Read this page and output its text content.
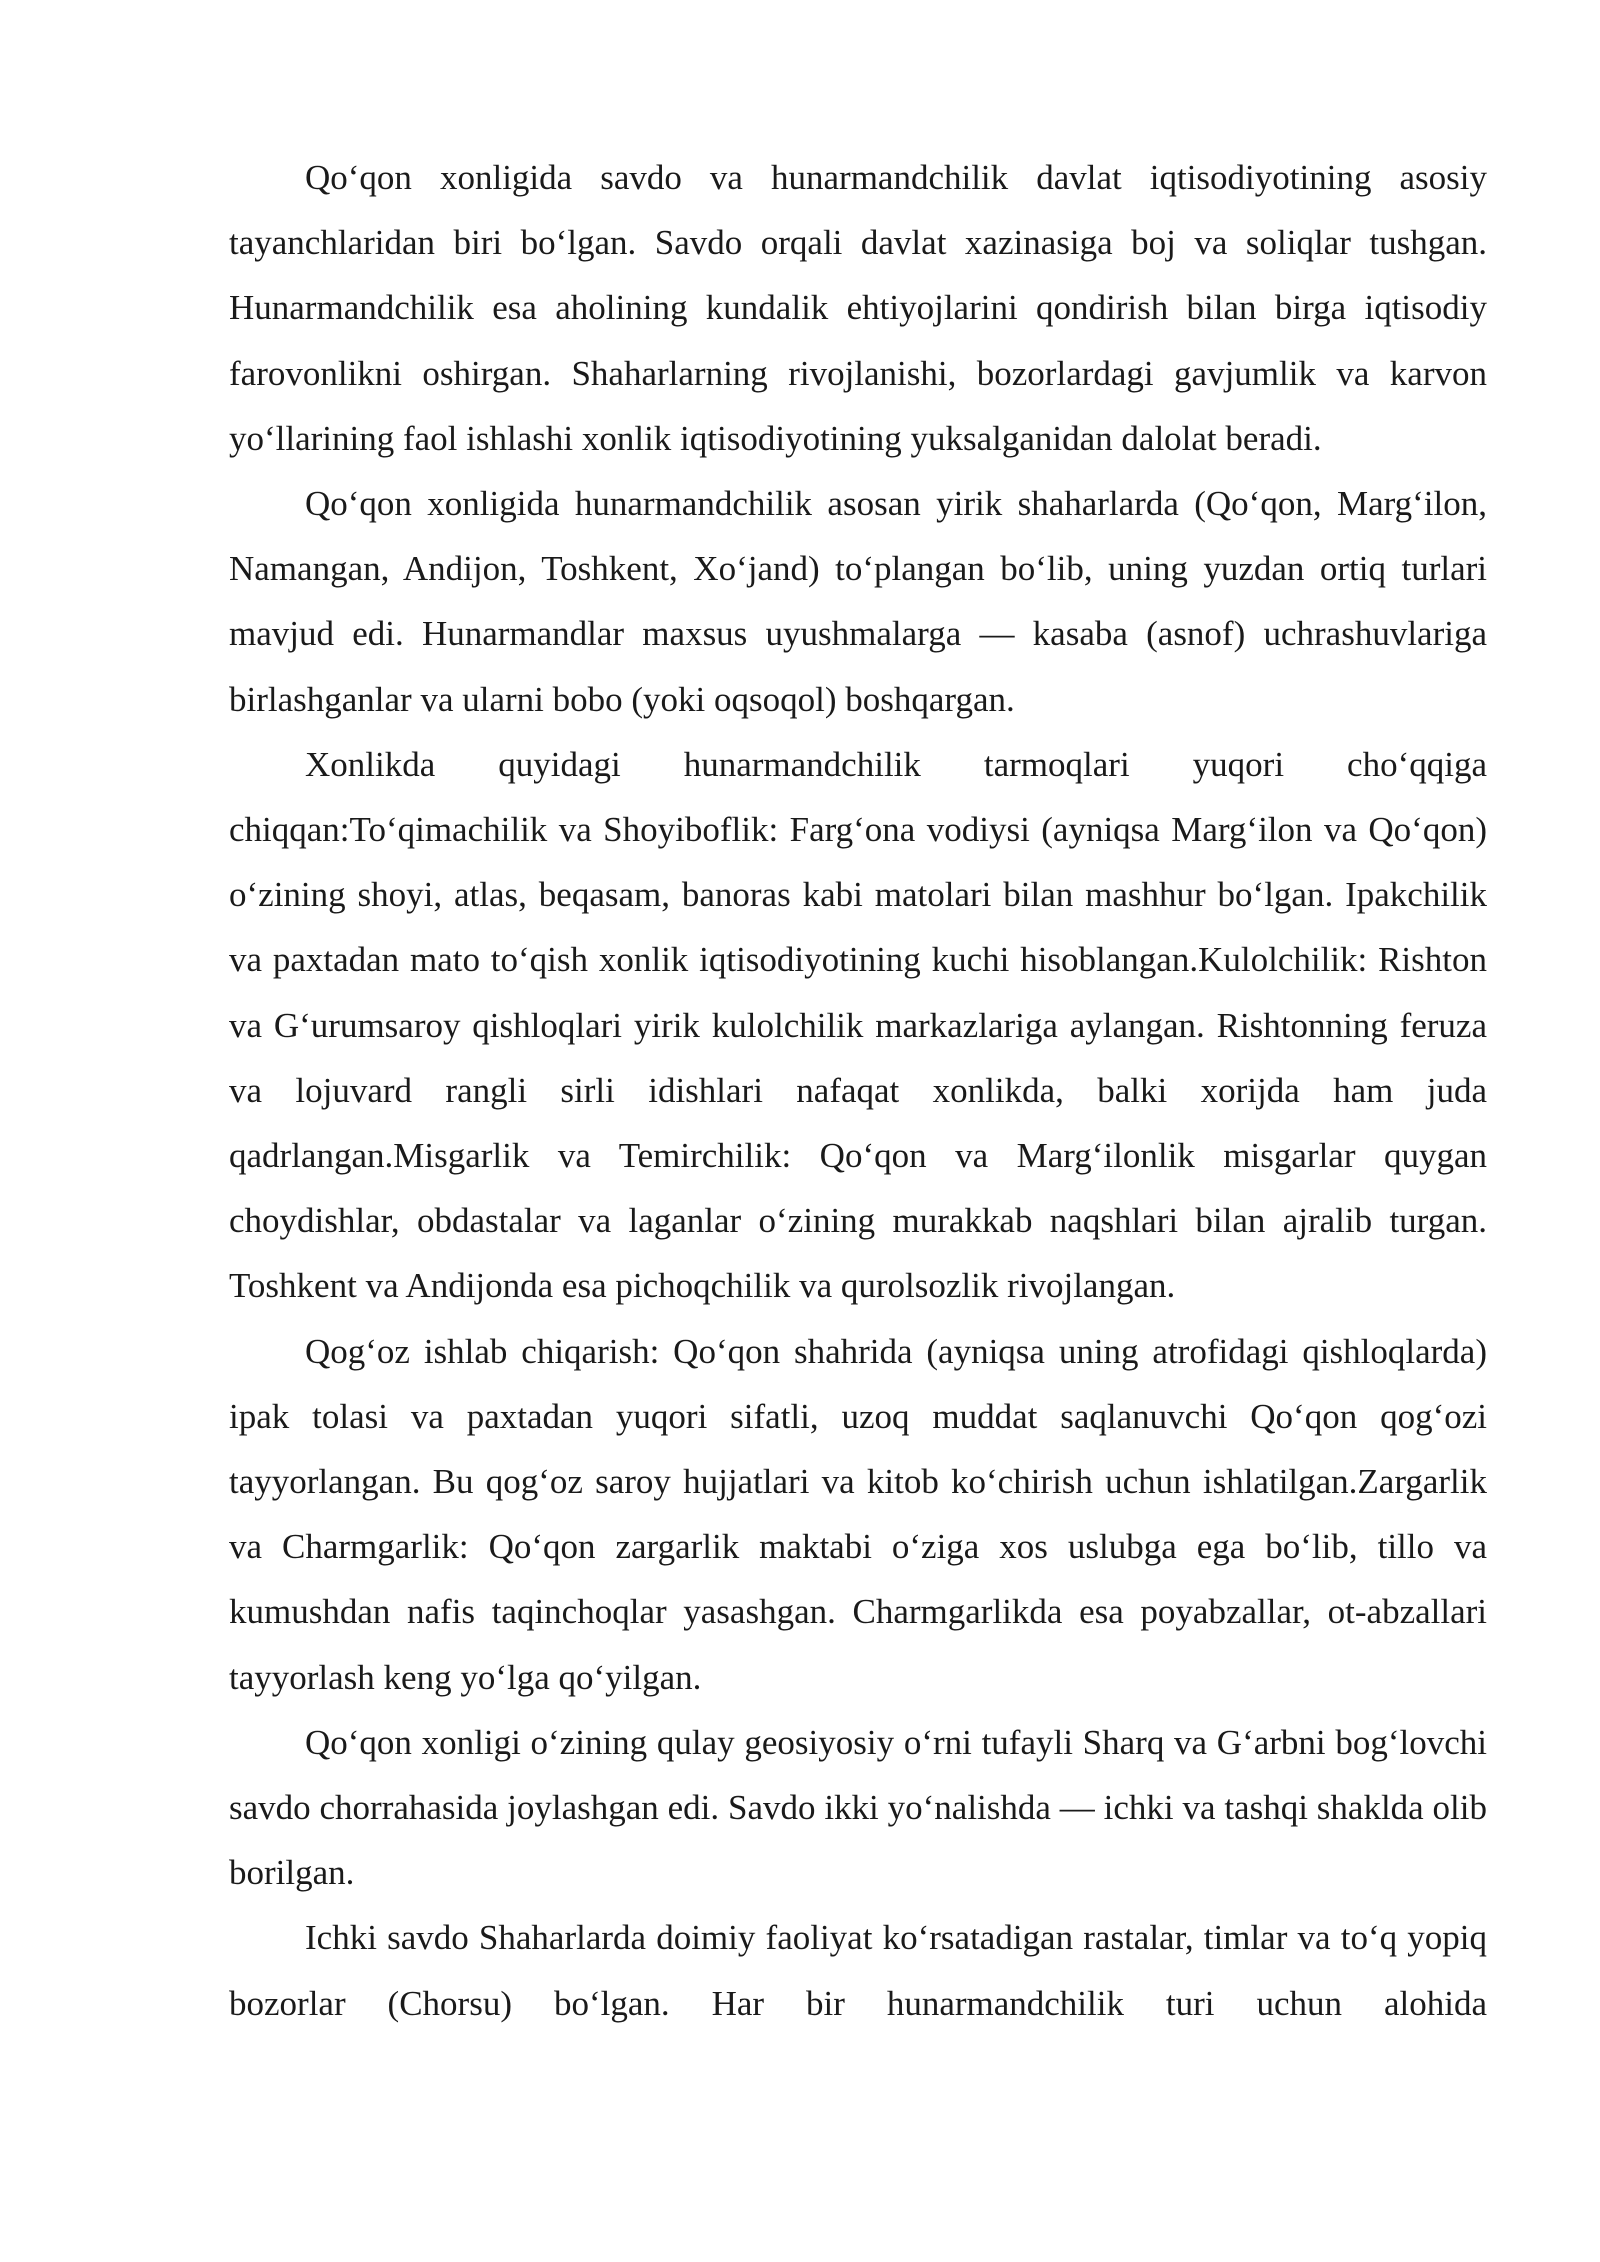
Qo‘qon xonligida savdo va hunarmandchilik davlat iqtisodiyotining asosiy tayanchlaridan biri bo‘lgan. Savdo orqali davlat xazinasiga boj va soliqlar tushgan. Hunarmandchilik esa aholining kundalik ehtiyojlarini qondirish bilan birga iqtisodiy farovonlikni oshirgan. Shaharlarning rivojlanishi, bozorlardagi gavjumlik va karvon yo‘llarining faol ishlashi xonlik iqtisodiyotining yuksalganidan dalolat beradi.

Qo‘qon xonligida hunarmandchilik asosan yirik shaharlarda (Qo‘qon, Marg‘ilon, Namangan, Andijon, Toshkent, Xo‘jand) to‘plangan bo‘lib, uning yuzdan ortiq turlari mavjud edi. Hunarmandlar maxsus uyushmalarga — kasaba (asnof) uchrashuvlariga birlashganlar va ularni bobo (yoki oqsoqol) boshqargan.

Xonlikda quyidagi hunarmandchilik tarmoqlari yuqori cho‘qqiga chiqqan:To‘qimachilik va Shoyiboflik: Farg‘ona vodiysi (ayniqsa Marg‘ilon va Qo‘qon) o‘zining shoyi, atlas, beqasam, banoras kabi matolari bilan mashhur bo‘lgan. Ipakchilik va paxtadan mato to‘qish xonlik iqtisodiyotining kuchi hisoblangan.Kulolchilik: Rishton va G‘urumsaroy qishloqlari yirik kulolchilik markazlariga aylangan. Rishtonning feruza va lojuvard rangli sirli idishlari nafaqat xonlikda, balki xorijda ham juda qadrlangan.Misgarlik va Temirchilik: Qo‘qon va Marg‘ilonlik misgarlar quygan choydishlar, obdastalar va laganlar o‘zining murakkab naqshlari bilan ajralib turgan. Toshkent va Andijonda esa pichoqchilik va qurolsozlik rivojlangan.

Qog‘oz ishlab chiqarish: Qo‘qon shahrida (ayniqsa uning atrofidagi qishloqlarda) ipak tolasi va paxtadan yuqori sifatli, uzoq muddat saqlanuvchi Qo‘qon qog‘ozi tayyorlangan. Bu qog‘oz saroy hujjatlari va kitob ko‘chirish uchun ishlatilgan.Zargarlik va Charmgarlik: Qo‘qon zargarlik maktabi o‘ziga xos uslubga ega bo‘lib, tillo va kumushdan nafis taqinchoqlar yasashgan. Charmgarlikda esa poyabzallar, ot-abzallari tayyorlash keng yo‘lga qo‘yilgan.

Qo‘qon xonligi o‘zining qulay geosiyosiy o‘rni tufayli Sharq va G‘arbni bog‘lovchi savdo chorrahasida joylashgan edi. Savdo ikki yo‘nalishda — ichki va tashqi shaklda olib borilgan.

Ichki savdo Shaharlarda doimiy faoliyat ko‘rsatadigan rastalar, timlar va to‘q yopiq bozorlar (Chorsu) bo‘lgan. Har bir hunarmandchilik turi uchun alohida
